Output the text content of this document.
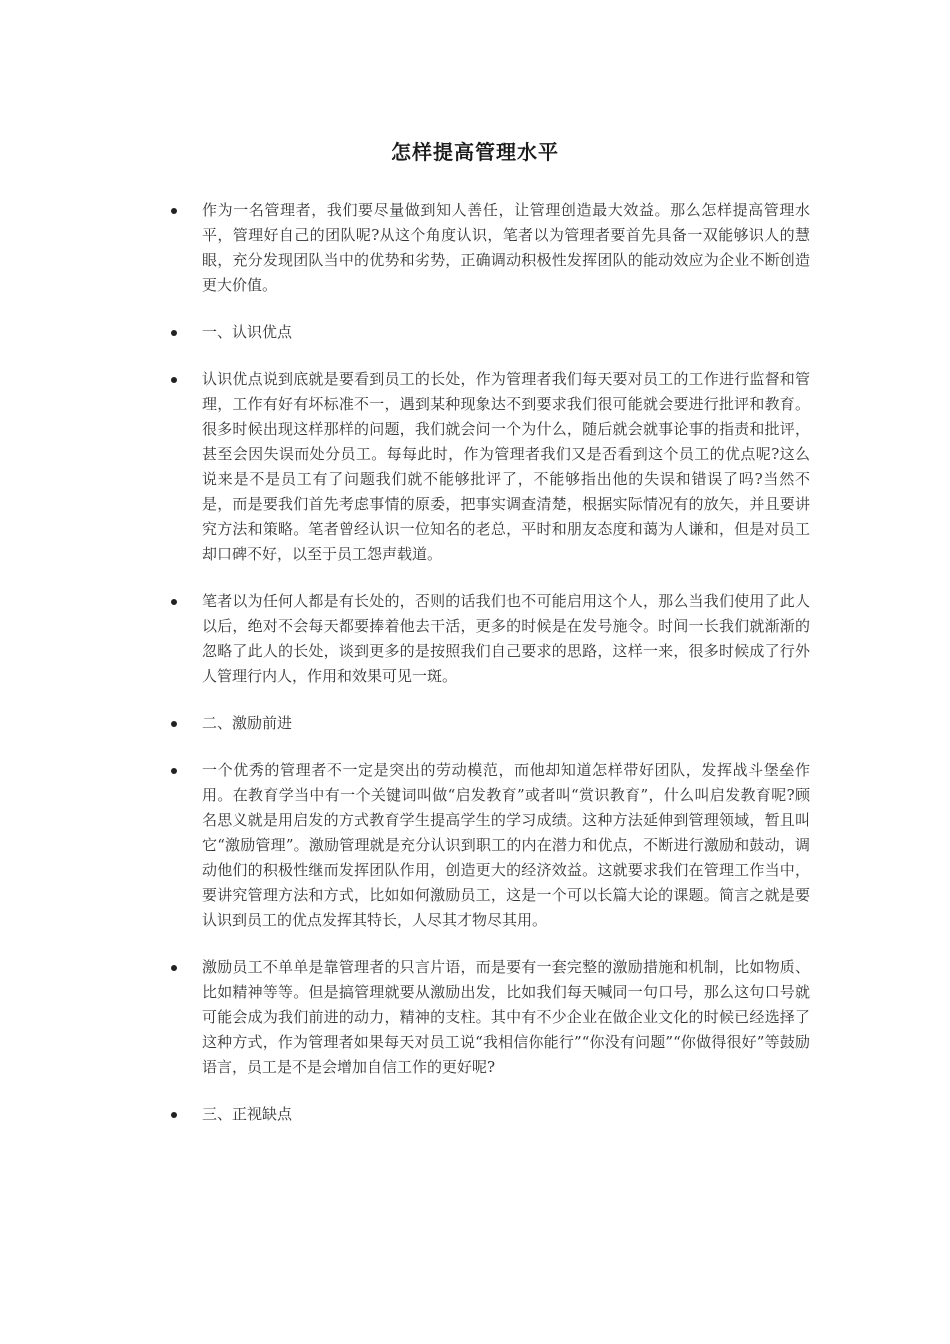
怎样提高管理水平
作为一名管理者，我们要尽量做到知人善任，让管理创造最大效益。那么怎样提高管理水平，管理好自己的团队呢?从这个角度认识，笔者以为管理者要首先具备一双能够识人的慧眼，充分发现团队当中的优势和劣势，正确调动积极性发挥团队的能动效应为企业不断创造更大价值。
一、认识优点
认识优点说到底就是要看到员工的长处，作为管理者我们每天要对员工的工作进行监督和管理，工作有好有坏标准不一，遇到某种现象达不到要求我们很可能就会要进行批评和教育。很多时候出现这样那样的问题，我们就会问一个为什么，随后就会就事论事的指责和批评，甚至会因失误而处分员工。每每此时，作为管理者我们又是否看到这个员工的优点呢?这么说来是不是员工有了问题我们就不能够批评了，不能够指出他的失误和错误了吗?当然不是，而是要我们首先考虑事情的原委，把事实调查清楚，根据实际情况有的放矢，并且要讲究方法和策略。笔者曾经认识一位知名的老总，平时和朋友态度和蔼为人谦和，但是对员工却口碑不好，以至于员工怨声载道。
笔者以为任何人都是有长处的，否则的话我们也不可能启用这个人，那么当我们使用了此人以后，绝对不会每天都要捧着他去干活，更多的时候是在发号施令。时间一长我们就渐渐的忽略了此人的长处，谈到更多的是按照我们自己要求的思路，这样一来，很多时候成了行外人管理行内人，作用和效果可见一斑。
二、激励前进
一个优秀的管理者不一定是突出的劳动模范，而他却知道怎样带好团队，发挥战斗堡垒作用。在教育学当中有一个关键词叫做“启发教育”或者叫“赏识教育”，什么叫启发教育呢?顾名思义就是用启发的方式教育学生提高学生的学习成绩。这种方法延伸到管理领域，暂且叫它“激励管理”。激励管理就是充分认识到职工的内在潜力和优点，不断进行激励和鼓动，调动他们的积极性继而发挥团队作用，创造更大的经济效益。这就要求我们在管理工作当中，要讲究管理方法和方式，比如如何激励员工，这是一个可以长篇大论的课题。简言之就是要认识到员工的优点发挥其特长，人尽其才物尽其用。
激励员工不单单是靠管理者的只言片语，而是要有一套完整的激励措施和机制，比如物质、比如精神等等。但是搞管理就要从激励出发，比如我们每天喊同一句口号，那么这句口号就可能会成为我们前进的动力，精神的支柱。其中有不少企业在做企业文化的时候已经选择了这种方式，作为管理者如果每天对员工说“我相信你能行”“你没有问题”“你做得很好”等鼓励语言，员工是不是会增加自信工作的更好呢?
三、正视缺点
